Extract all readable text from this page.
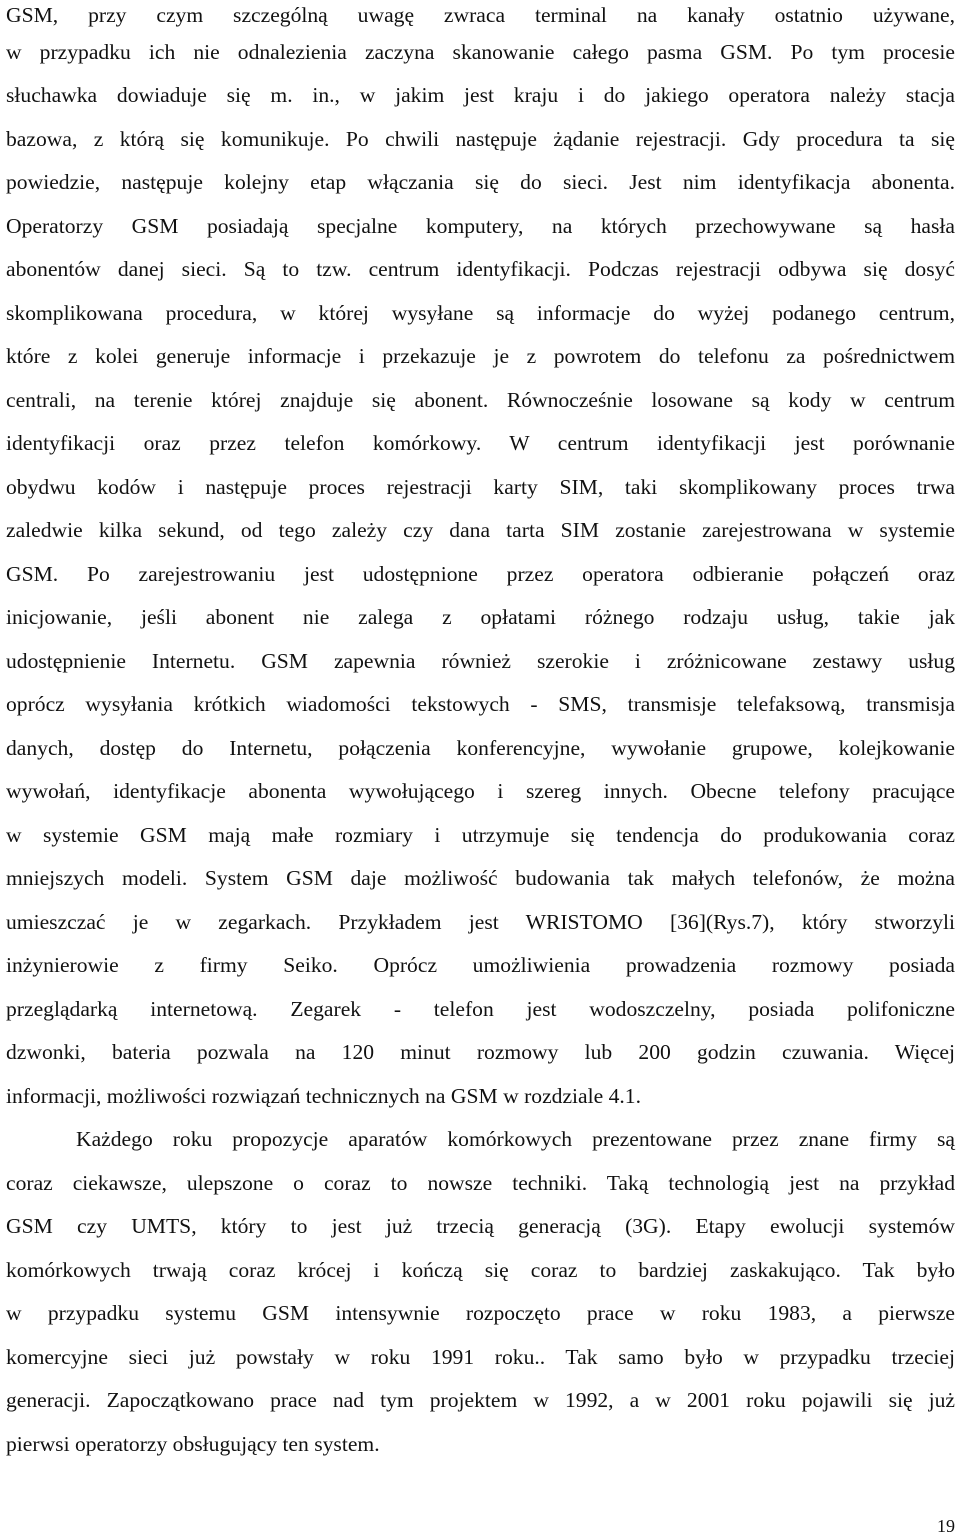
GSM, przy czym szczególną uwagę zwraca terminal na kanały ostatnio używane,
w przypadku ich nie odnalezienia zaczyna skanowanie całego pasma GSM. Po tym procesie
słuchawka dowiaduje się m. in., w jakim jest kraju i do jakiego operatora należy stacja
bazowa, z którą się komunikuje. Po chwili następuje żądanie rejestracji. Gdy procedura ta się
powiedzie, następuje kolejny etap włączania się do sieci. Jest nim identyfikacja abonenta.
Operatorzy GSM posiadają specjalne komputery, na których przechowywane są hasła
abonentów danej sieci. Są to tzw. centrum identyfikacji. Podczas rejestracji odbywa się dosyć
skomplikowana procedura, w której wysyłane są informacje do wyżej podanego centrum,
które z kolei generuje informacje i przekazuje je z powrotem do telefonu za pośrednictwem
centrali, na terenie której znajduje się abonent. Równocześnie losowane są kody w centrum
identyfikacji oraz przez telefon komórkowy. W centrum identyfikacji jest porównanie
obydwu kodów i następuje proces rejestracji karty SIM, taki skomplikowany proces trwa
zaledwie kilka sekund, od tego zależy czy dana tarta SIM zostanie zarejestrowana w systemie
GSM. Po zarejestrowaniu jest udostępnione przez operatora odbieranie połączeń oraz
inicjowanie, jeśli abonent nie zalega z opłatami różnego rodzaju usług, takie jak
udostępnienie Internetu. GSM zapewnia również szerokie i zróżnicowane zestawy usług
oprócz wysyłania krótkich wiadomości tekstowych - SMS, transmisje telefaksową, transmisja
danych, dostęp do Internetu, połączenia konferencyjne, wywołanie grupowe, kolejkowanie
wywołań, identyfikacje abonenta wywołującego i szereg innych. Obecne telefony pracujące
w systemie GSM mają małe rozmiary i utrzymuje się tendencja do produkowania coraz
mniejszych modeli. System GSM daje możliwość budowania tak małych telefonów, że można
umieszczać je w zegarkach. Przykładem jest WRISTOMO [36](Rys.7), który stworzyli
inżynierowie z firmy Seiko. Oprócz umożliwienia prowadzenia rozmowy posiada
przeglądarką internetową. Zegarek - telefon jest wodoszczelny, posiada polifoniczne
dzwonki, bateria pozwala na 120 minut rozmowy lub 200 godzin czuwania. Więcej
informacji, możliwości rozwiązań technicznych na GSM w rozdziale 4.1.
Każdego roku propozycje aparatów komórkowych prezentowane przez znane firmy są
coraz ciekawsze, ulepszone o coraz to nowsze techniki. Taką technologią jest na przykład
GSM czy UMTS, który to jest już trzecią generacją (3G). Etapy ewolucji systemów
komórkowych trwają coraz krócej i kończą się coraz to bardziej zaskakująco. Tak było
w przypadku systemu GSM intensywnie rozpoczęto prace w roku 1983, a pierwsze
komercyjne sieci już powstały w roku 1991 roku.. Tak samo było w przypadku trzeciej
generacji. Zapoczątkowano prace nad tym projektem w 1992, a w 2001 roku pojawili się już
pierwsi operatorzy obsługujący ten system.
19
